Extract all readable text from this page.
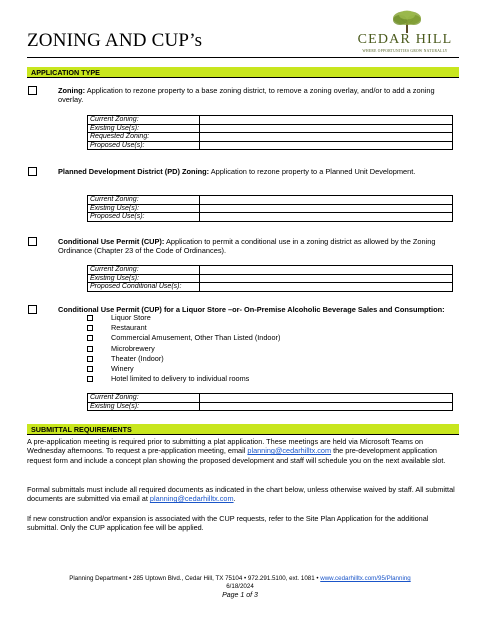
ZONING AND CUP’s	CEDAR HILL
WHERE OPPORTUNITIES GROW NATURALLY
APPLICATION TYPE
Zoning: Application to rezone property to a base zoning district, to remove a zoning overlay, and/or to add a zoning overlay.
Current Zoning:	
Existing Use(s):	
Requested Zoning:	
Proposed Use(s):	
Planned Development District (PD) Zoning: Application to rezone property to a Planned Unit Development.
Current Zoning:	
Existing Use(s):	
Proposed Use(s):	
Conditional Use Permit (CUP): Application to permit a conditional use in a zoning district as allowed by the Zoning Ordinance (Chapter 23 of the Code of Ordinances).
Current Zoning:	
Existing Use(s):	
Proposed Conditional Use(s):	
Conditional Use Permit (CUP) for a Liquor Store –or- On-Premise Alcoholic Beverage Sales and Consumption:
Liquor Store
Restaurant
Commercial Amusement, Other Than Listed (Indoor)
Microbrewery
Theater (Indoor)
Winery
Hotel limited to delivery to individual rooms
Current Zoning:	
Existing Use(s):	
SUBMITTAL REQUIREMENTS
A pre-application meeting is required prior to submitting a plat application. These meetings are held via Microsoft Teams on Wednesday afternoons. To request a pre-application meeting, email planning@cedarhilltx.com the pre-development application request form and include a concept plan showing the proposed development and staff will schedule you on the next available slot.
Formal submittals must include all required documents as indicated in the chart below, unless otherwise waived by staff. All submittal documents are submitted via email at planning@cedarhilltx.com.
If new construction and/or expansion is associated with the CUP requests, refer to the Site Plan Application for the additional submittal. Only the CUP application fee will be applied.
Planning Department • 285 Uptown Blvd., Cedar Hill, TX 75104 • 972.291.5100, ext. 1081 • www.cedarhilltx.com/95/Planning
6/18/2024
Page 1 of 3
